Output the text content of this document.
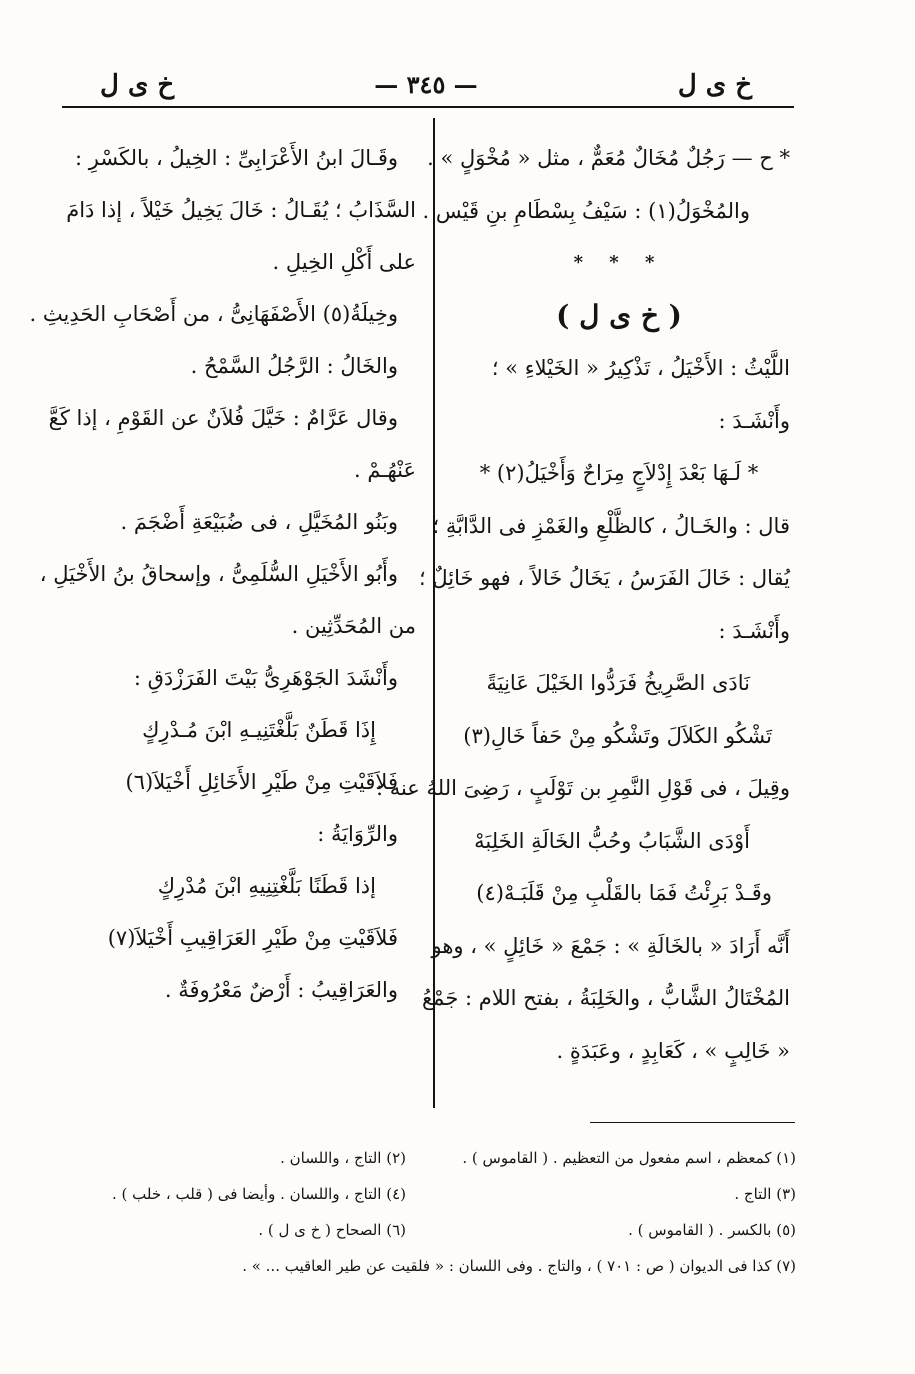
خ ى ل
— ٣٤٥ —
خ ى ل
* ح — رَجُلٌ مُخَالٌ مُعَمٌّ ، مثل « مُخْوَلٍ » .
والمُخْوَلُ(١) : سَيْفُ بِسْطَامِ بنِ قَيْس .
* * *
( خ ى ل )
اللَّيْثُ : الأَخْيَلُ ، تَذْكِيرُ « الخَيْلاءِ » ؛
وأَنْشَـدَ :
* لَـهَا بَعْدَ إِدْلاَجٍ مِرَاحٌ وَأَخْيَلُ(٢) *
قال : والخَـالُ ، كالظَّلْعِ والغَمْزِ فى الدَّابَّةِ ؛
يُقال : خَالَ الفَرَسُ ، يَخَالُ خَالاً ، فهو خَائِلٌ ؛
وأَنْشَـدَ :
نَادَى الصَّرِيخُ فَرَدُّوا الخَيْلَ عَانِيَةً
تَشْكُو الكَلاَلَ وتَشْكُو مِنْ حَفاً خَالِ(٣)
وقِيلَ ، فى قَوْلِ النَّمِرِ بن تَوْلَبٍ ، رَضِىَ اللهُ عنه :
أَوْدَى الشَّبَابُ وحُبُّ الخَالَةِ الخَلِبَهْ
وقَـدْ بَرِئْتُ فَمَا بالقَلْبِ مِنْ قَلَبَـهْ(٤)
أَنَّه أَرَادَ « بالخَالَةِ » : جَمْعَ « خَائِلٍ » ، وهو
المُخْتَالُ الشَّابُّ ، والخَلِبَةُ ، بفتح اللام : جَمْعُ
« خَالِبٍ » ، كَعَابِدٍ ، وعَبَدَةٍ .
وقَـالَ ابنُ الأَعْرَابِىِّ : الخِيلُ ، بالكَسْرِ :
السَّذَابُ ؛ يُقَـالُ : خَالَ يَخِيلُ خَيْلاً ، إذا دَامَ
على أَكْلِ الخِيلِ .
وخِيلَةُ(٥) الأَصْفَهَانِىُّ ، من أَصْحَابِ الحَدِيثِ .
والخَالُ : الرَّجُلُ السَّمْحُ .
وقال عَرَّامٌ : خَيَّلَ فُلاَنٌ عن القَوْمِ ، إذا كَعَّ
عَنْهُـمْ .
وبَنُو المُخَيَّلِ ، فى ضُبَيْعَةِ أَضْجَمَ .
وأَبُو الأَخْيَلِ السُّلَمِىُّ ، وإسحاقُ بنُ الأَخْيَلِ ،
من المُحَدِّثِين .
وأَنْشَدَ الجَوْهَرِىُّ بَيْتَ الفَرَزْدَقِ :
إِذَا قَطَنٌ بَلَّغْتَنِيـهِ ابْنَ مُـدْرِكٍ
فَلاَقَيْتِ مِنْ طَيْرِ الأَخَائِلِ أَخْيَلاَ(٦)
والرِّوَايَةُ :
إذا قَطَنًا بَلَّغْتِنِيهِ ابْنَ مُدْرِكٍ
فَلاَقَيْتِ مِنْ طَيْرِ العَرَاقِيبِ أَخْيَلاَ(٧)
والعَرَاقِيبُ : أَرْضٌ مَعْرُوفَةٌ .
(١) كمعظم ، اسم مفعول من التعظيم . ( القاموس ) .
(٢) التاج ، واللسان .
(٣) التاج .
(٤) التاج ، واللسان . وأيضا فى ( قلب ، خلب ) .
(٥) بالكسر . ( القاموس ) .
(٦) الصحاح ( خ ى ل ) .
(٧) كذا فى الديوان ( ص : ٧٠١ ) ، والتاج . وفى اللسان : « فلقيت عن طير العاقيب ... » .
